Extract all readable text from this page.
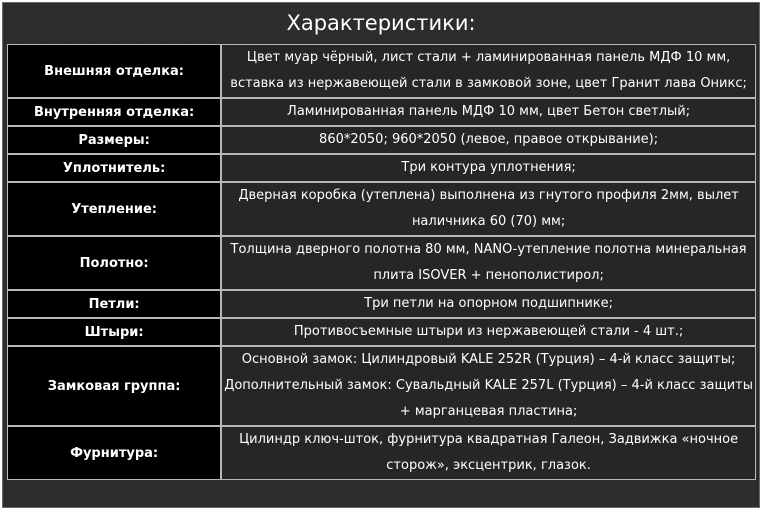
Характеристики:
Внешняя отделка:	Цвет муар чёрный, лист стали + ламинированная панель МДФ 10 мм,
вставка из нержавеющей стали в замковой зоне, цвет Гранит лава Оникс;

Внутренняя отделка:	Ламинированная панель МДФ 10 мм, цвет Бетон светлый;

Размеры:	860*2050; 960*2050 (левое, правое открывание);

Уплотнитель:	Три контура уплотнения;

Утепление:	Дверная коробка (утеплена) выполнена из гнутого профиля 2мм, вылет
наличника 60 (70) мм;

Полотно:	Толщина дверного полотна 80 мм, NANO-утепление полотна минеральная
плита ISOVER + пенополистирол;

Петли:	Три петли на опорном подшипнике;

Штыри:	Противосъемные штыри из нержавеющей стали - 4 шт.;

Замковая группа:	Основной замок: Цилиндровый KALE 252R (Турция) – 4-й класс защиты;
Дополнительный замок: Сувальдный KALE 257L (Турция) – 4-й класс защиты
+ марганцевая пластина;

Фурнитура:	Цилиндр ключ-шток, фурнитура квадратная Галеон, Задвижка «ночное
сторож», эксцентрик, глазок.
